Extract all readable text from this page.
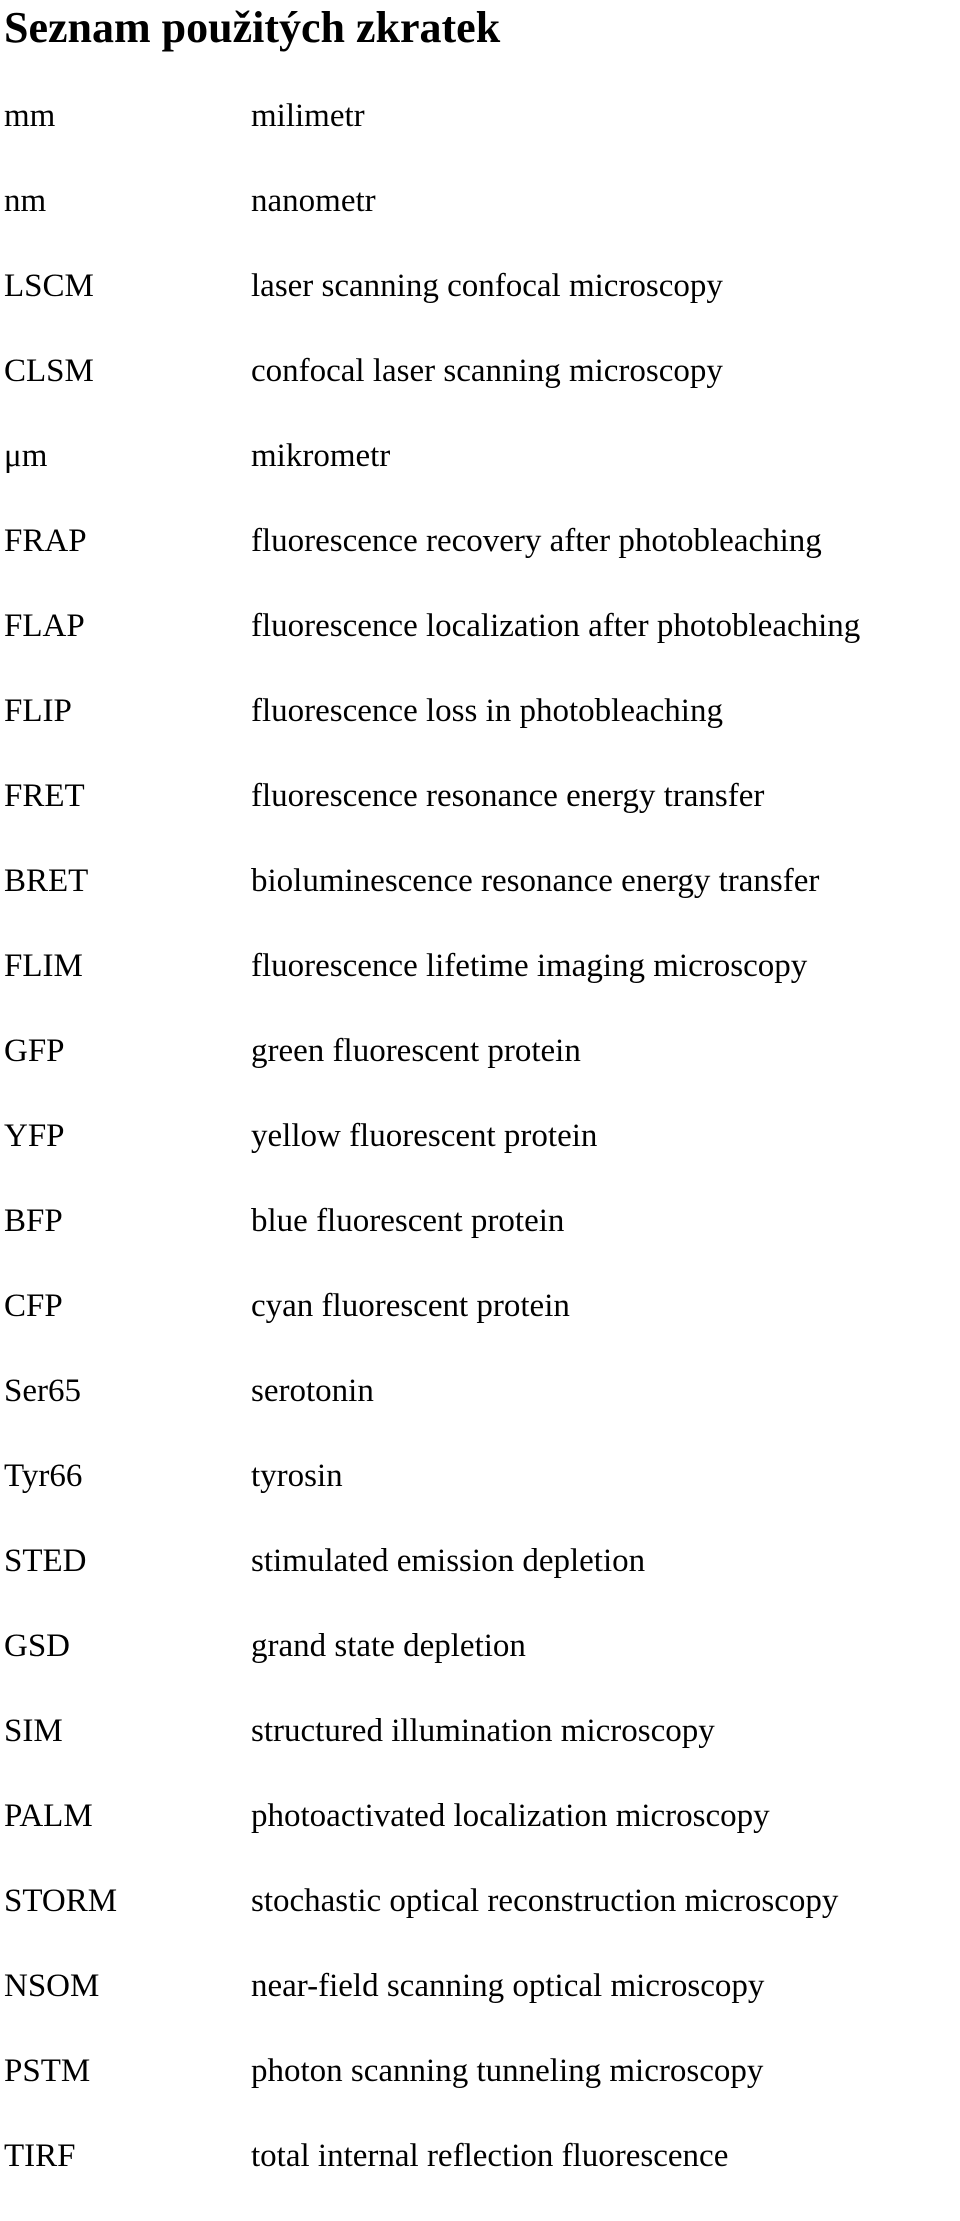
Seznam použitých zkratek
mm	milimetr
nm	nanometr
LSCM	laser scanning confocal microscopy
CLSM	confocal laser scanning microscopy
μm	mikrometr
FRAP	fluorescence recovery after photobleaching
FLAP	fluorescence localization after photobleaching
FLIP	fluorescence loss in photobleaching
FRET	fluorescence resonance energy transfer
BRET	bioluminescence resonance energy transfer
FLIM	fluorescence lifetime imaging microscopy
GFP	green fluorescent protein
YFP	yellow fluorescent protein
BFP	blue fluorescent protein
CFP	cyan fluorescent protein
Ser65	serotonin
Tyr66	tyrosin
STED	stimulated emission depletion
GSD	grand state depletion
SIM	structured illumination microscopy
PALM	photoactivated localization microscopy
STORM	stochastic optical reconstruction microscopy
NSOM	near-field scanning optical microscopy
PSTM	photon scanning tunneling microscopy
TIRF	total internal reflection fluorescence
